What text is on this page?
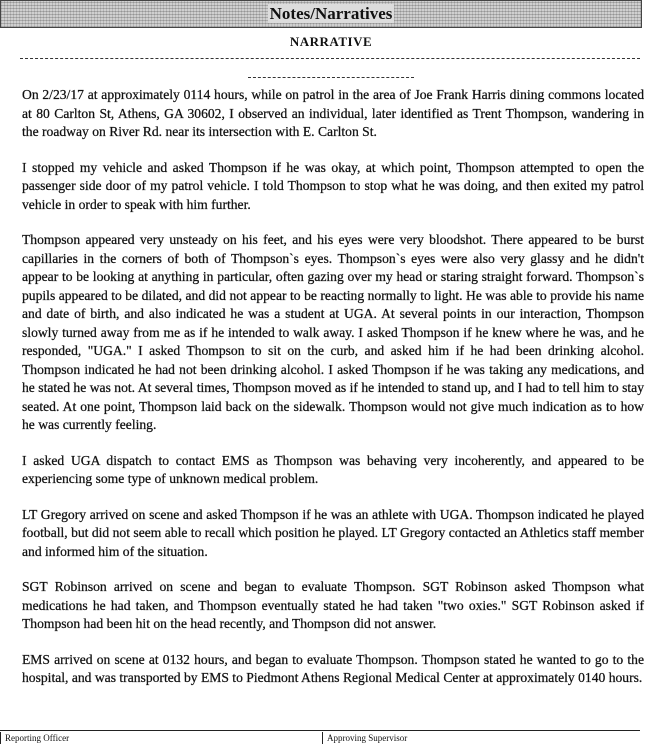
Notes/Narratives
NARRATIVE

On 2/23/17 at approximately 0114 hours, while on patrol in the area of Joe Frank Harris dining commons located at 80 Carlton St, Athens, GA 30602, I observed an individual, later identified as Trent Thompson, wandering in the roadway on River Rd. near its intersection with E. Carlton St.

I stopped my vehicle and asked Thompson if he was okay, at which point, Thompson attempted to open the passenger side door of my patrol vehicle. I told Thompson to stop what he was doing, and then exited my patrol vehicle in order to speak with him further.

Thompson appeared very unsteady on his feet, and his eyes were very bloodshot. There appeared to be burst capillaries in the corners of both of Thompson`s eyes. Thompson`s eyes were also very glassy and he didn't appear to be looking at anything in particular, often gazing over my head or staring straight forward. Thompson`s pupils appeared to be dilated, and did not appear to be reacting normally to light. He was able to provide his name and date of birth, and also indicated he was a student at UGA. At several points in our interaction, Thompson slowly turned away from me as if he intended to walk away. I asked Thompson if he knew where he was, and he responded, "UGA." I asked Thompson to sit on the curb, and asked him if he had been drinking alcohol. Thompson indicated he had not been drinking alcohol. I asked Thompson if he was taking any medications, and he stated he was not. At several times, Thompson moved as if he intended to stand up, and I had to tell him to stay seated. At one point, Thompson laid back on the sidewalk. Thompson would not give much indication as to how he was currently feeling.

I asked UGA dispatch to contact EMS as Thompson was behaving very incoherently, and appeared to be experiencing some type of unknown medical problem.

LT Gregory arrived on scene and asked Thompson if he was an athlete with UGA. Thompson indicated he played football, but did not seem able to recall which position he played. LT Gregory contacted an Athletics staff member and informed him of the situation.

SGT Robinson arrived on scene and began to evaluate Thompson. SGT Robinson asked Thompson what medications he had taken, and Thompson eventually stated he had taken "two oxies." SGT Robinson asked if Thompson had been hit on the head recently, and Thompson did not answer.

EMS arrived on scene at 0132 hours, and began to evaluate Thompson. Thompson stated he wanted to go to the hospital, and was transported by EMS to Piedmont Athens Regional Medical Center at approximately 0140 hours.

Reporting Officer	Approving Supervisor
